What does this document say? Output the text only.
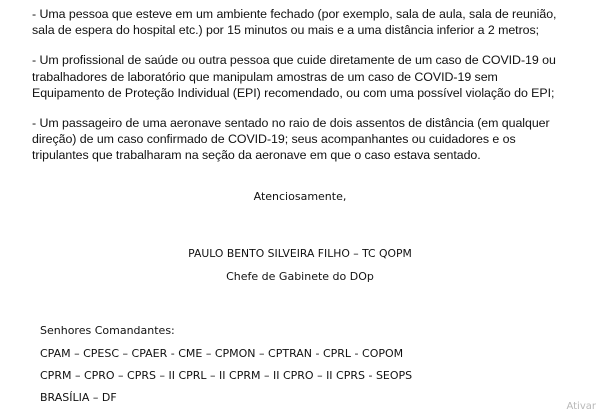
- Uma pessoa que esteve em um ambiente fechado (por exemplo, sala de aula, sala de reunião,
sala de espera do hospital etc.) por 15 minutos ou mais e a uma distância inferior a 2 metros;

- Um profissional de saúde ou outra pessoa que cuide diretamente de um caso de COVID-19 ou
trabalhadores de laboratório que manipulam amostras de um caso de COVID-19 sem
Equipamento de Proteção Individual (EPI) recomendado, ou com uma possível violação do EPI;

- Um passageiro de uma aeronave sentado no raio de dois assentos de distância (em qualquer
direção) de um caso confirmado de COVID-19; seus acompanhantes ou cuidadores e os
tripulantes que trabalharam na seção da aeronave em que o caso estava sentado.

Atenciosamente,
PAULO BENTO SILVEIRA FILHO – TC QOPM
Chefe de Gabinete do DOp
Senhores Comandantes:
CPAM – CPESC – CPAER - CME – CPMON – CPTRAN - CPRL - COPOM
CPRM – CPRO – CPRS – II CPRL – II CPRM – II CPRO – II CPRS - SEOPS
BRASÍLIA – DF
Ativar
